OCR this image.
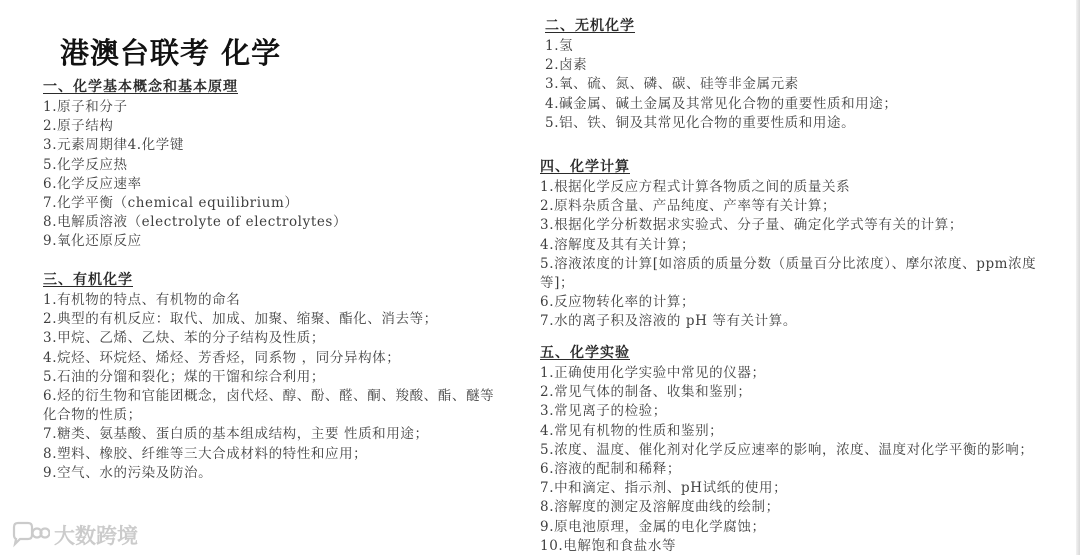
港澳台联考 化学
一、化学基本概念和基本原理
1.原子和分子
2.原子结构
3.元素周期律4.化学键
5.化学反应热
6.化学反应速率
7.化学平衡（chemical equilibrium）
8.电解质溶液（electrolyte of electrolytes）
9.氧化还原反应
三、有机化学
1.有机物的特点、有机物的命名
2.典型的有机反应：取代、加成、加聚、缩聚、酯化、消去等；
3.甲烷、乙烯、乙炔、苯的分子结构及性质；
4.烷烃、环烷烃、烯烃、芳香烃，同系物 ，同分异构体；
5.石油的分馏和裂化；煤的干馏和综合利用；
6.烃的衍生物和官能团概念，卤代烃、醇、酚、醛、酮、羧酸、酯、醚等化合物的性质；
7.糖类、氨基酸、蛋白质的基本组成结构，主要 性质和用途；
8.塑料、橡胶、纤维等三大合成材料的特性和应用；
9.空气、水的污染及防治。
二、无机化学
1.氢
2.卤素
3.氧、硫、氮、磷、碳、硅等非金属元素
4.碱金属、碱土金属及其常见化合物的重要性质和用途；
5.铝、铁、铜及其常见化合物的重要性质和用途。
四、化学计算
1.根据化学反应方程式计算各物质之间的质量关系
2.原料杂质含量、产品纯度、产率等有关计算；
3.根据化学分析数据求实验式、分子量、确定化学式等有关的计算；
4.溶解度及其有关计算；
5.溶液浓度的计算[如溶质的质量分数（质量百分比浓度）、摩尔浓度、ppm浓度等]；
6.反应物转化率的计算；
7.水的离子积及溶液的 pH 等有关计算。
五、化学实验
1.正确使用化学实验中常见的仪器；
2.常见气体的制备、收集和鉴别；
3.常见离子的检验；
4.常见有机物的性质和鉴别；
5.浓度、温度、催化剂对化学反应速率的影响，浓度、温度对化学平衡的影响；
6.溶液的配制和稀释；
7.中和滴定、指示剂、pH试纸的使用；
8.溶解度的测定及溶解度曲线的绘制；
9.原电池原理，金属的电化学腐蚀；
10.电解饱和食盐水等
大数跨境
